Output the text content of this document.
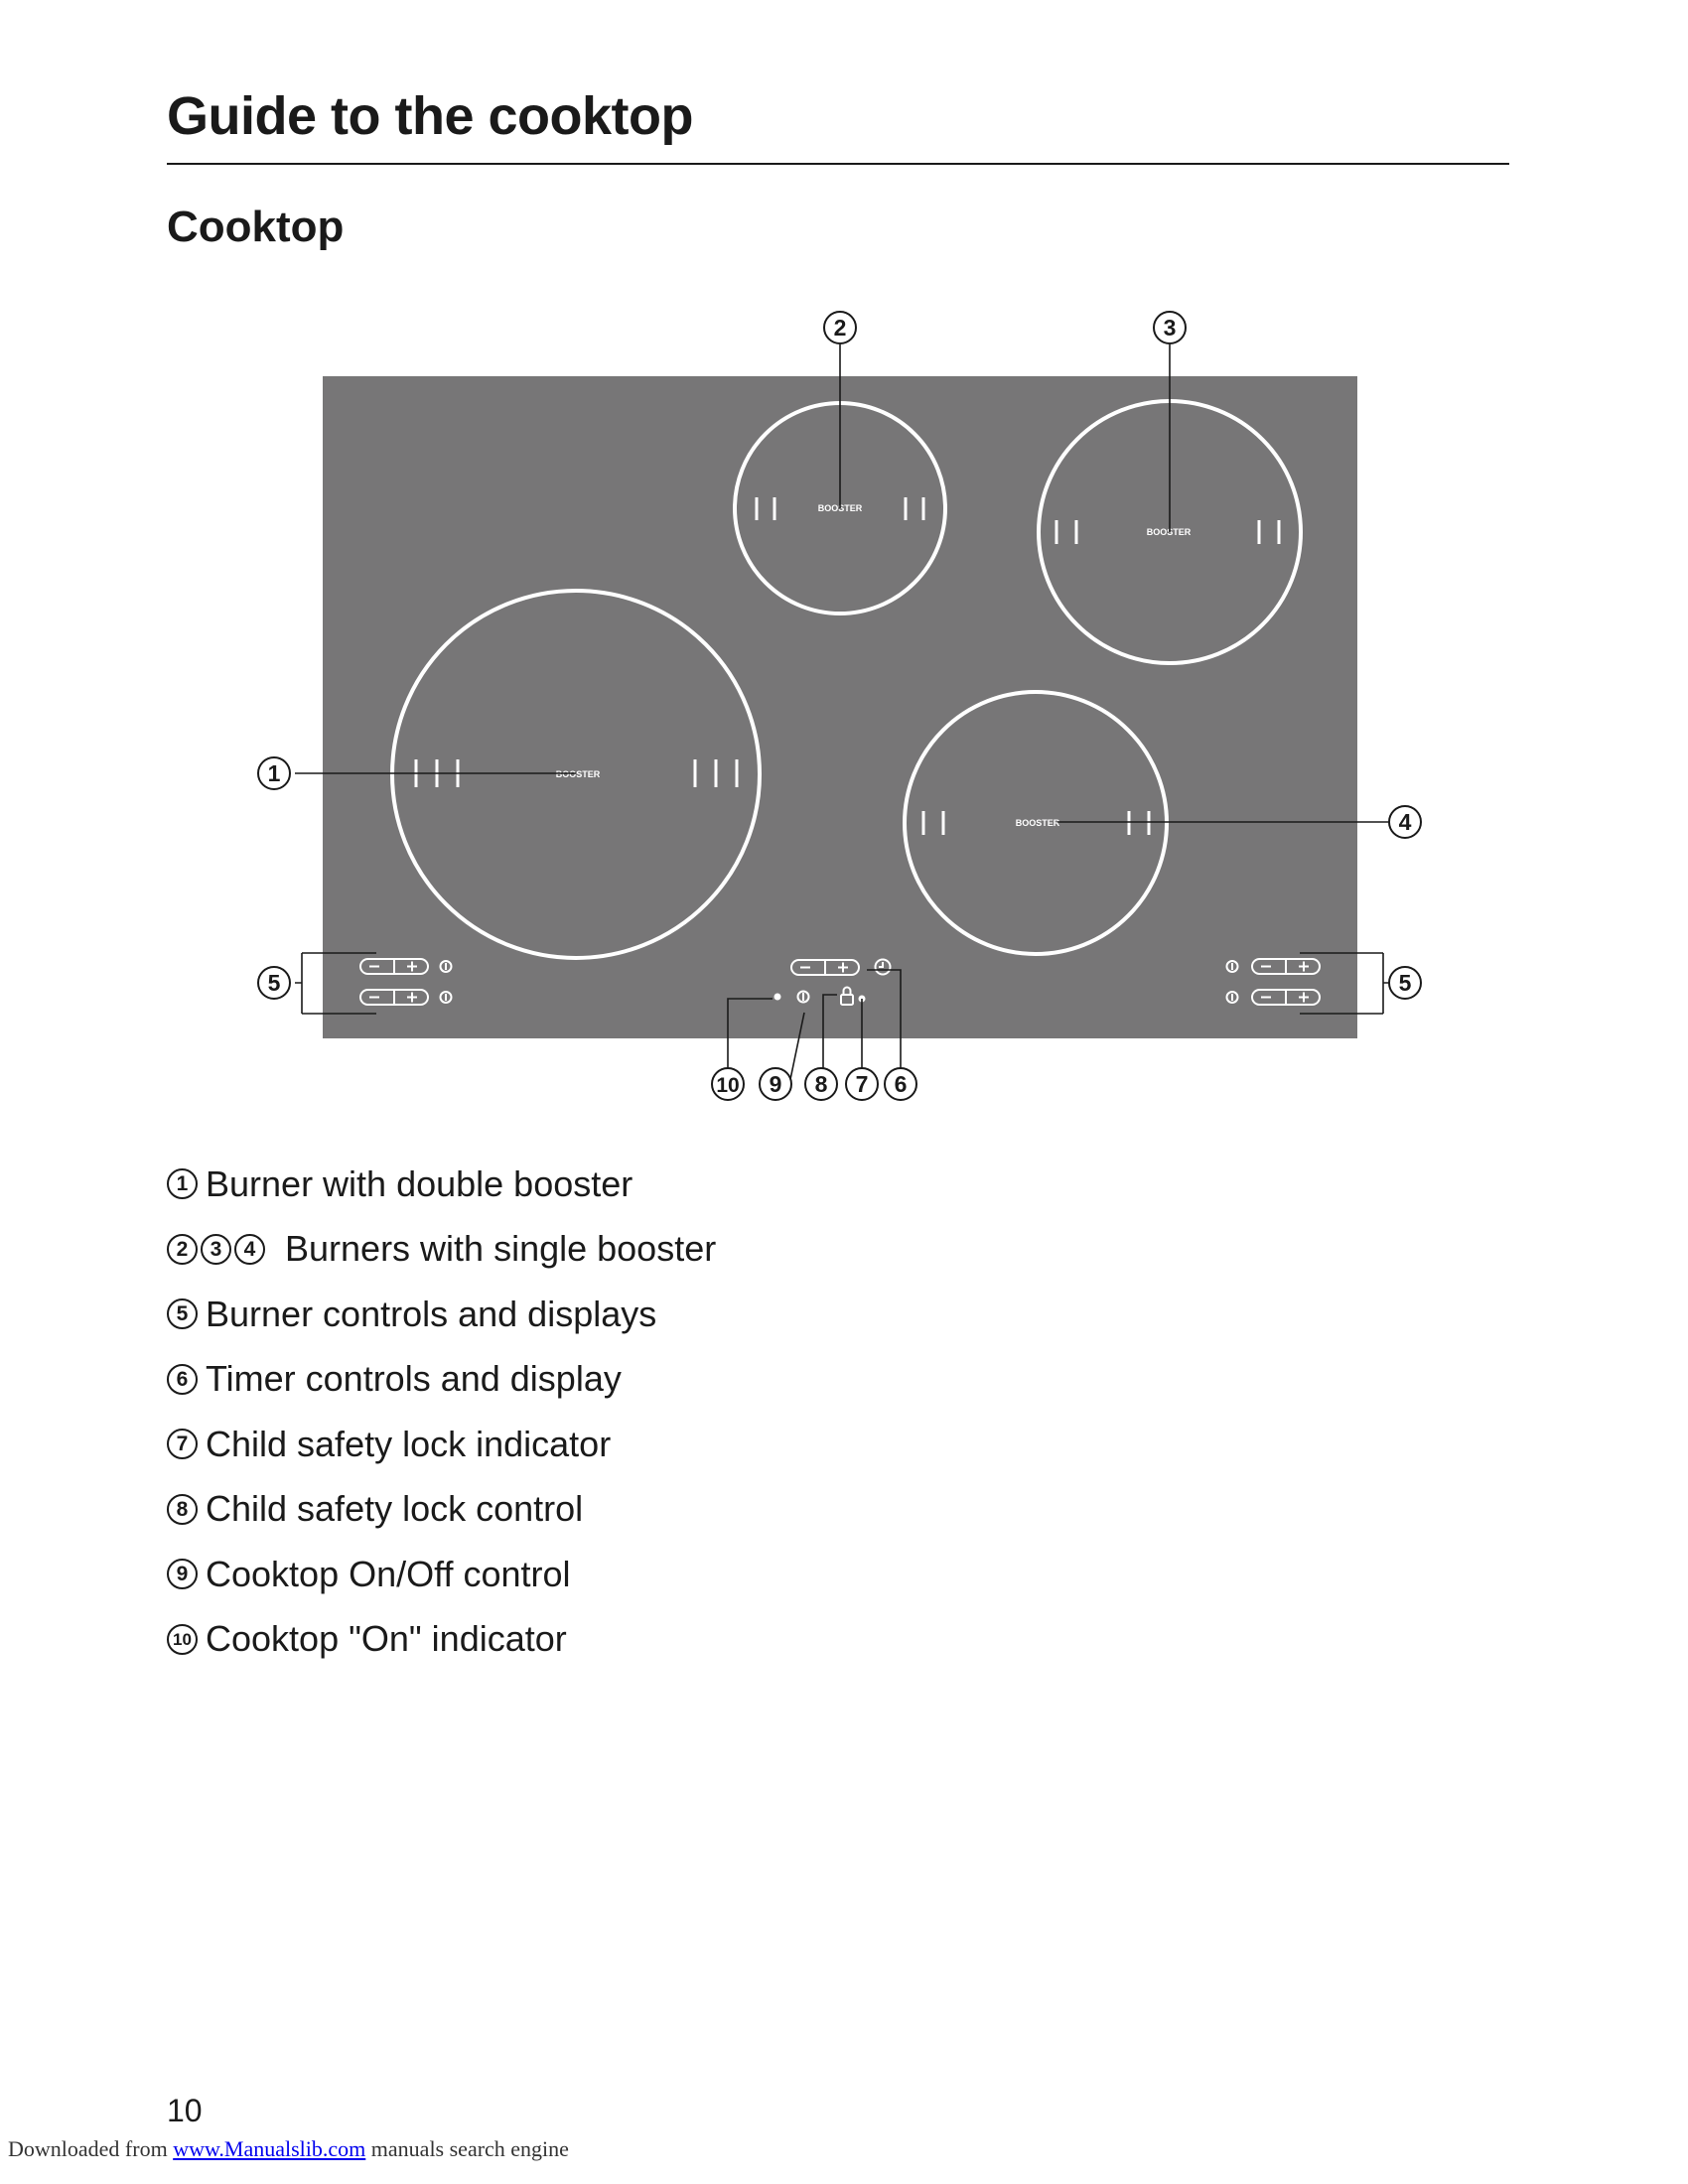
Guide to the cooktop
Cooktop
BOOSTER
BOOSTER
BOOSTER
BOOSTER
1
2	3
4
5	5
10 9 8 7 6
1 Burner with double booster
2	3	4 Burners with single booster
5 Burner controls and displays
6 Timer controls and display
7 Child safety lock indicator
8 Child safety lock control
9 Cooktop On/Off control
10 Cooktop "On" indicator
10
Downloaded from www.Manualslib.com manuals search engine
